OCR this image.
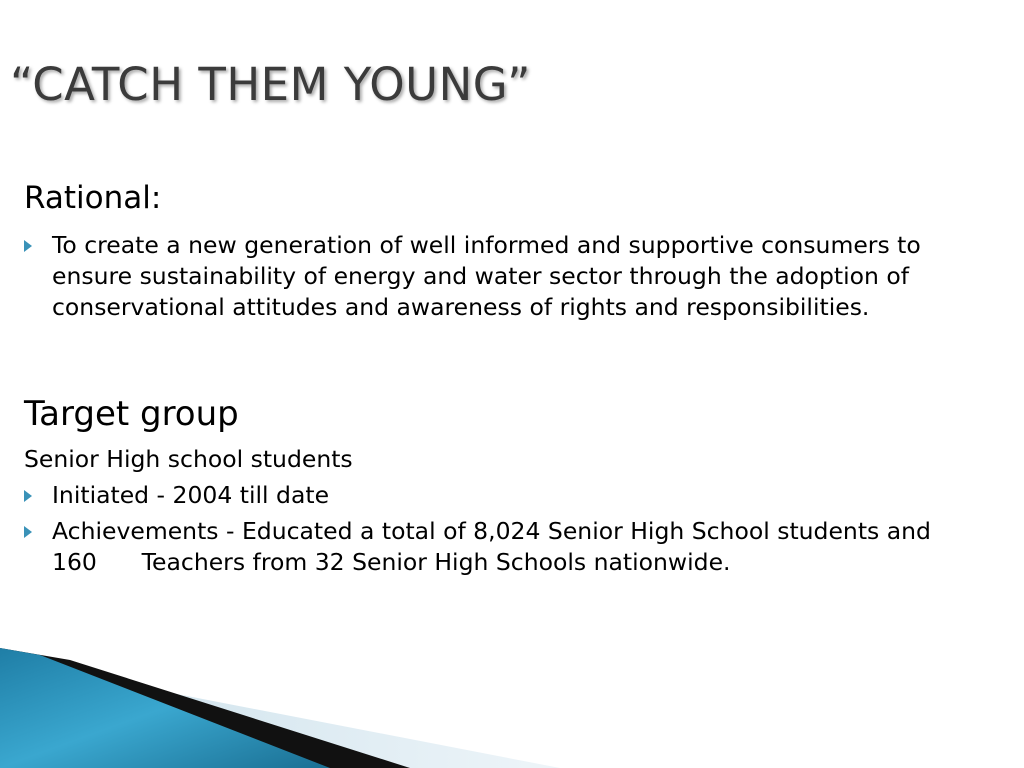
“CATCH THEM YOUNG”
Rational:
To create a new generation of well informed and supportive consumers to ensure sustainability of energy and water sector through the adoption of conservational attitudes and awareness of rights and responsibilities.
Target group
Senior High school students
Initiated - 2004 till date
Achievements - Educated a total of 8,024 Senior High School students and 160      Teachers from 32 Senior High Schools nationwide.
